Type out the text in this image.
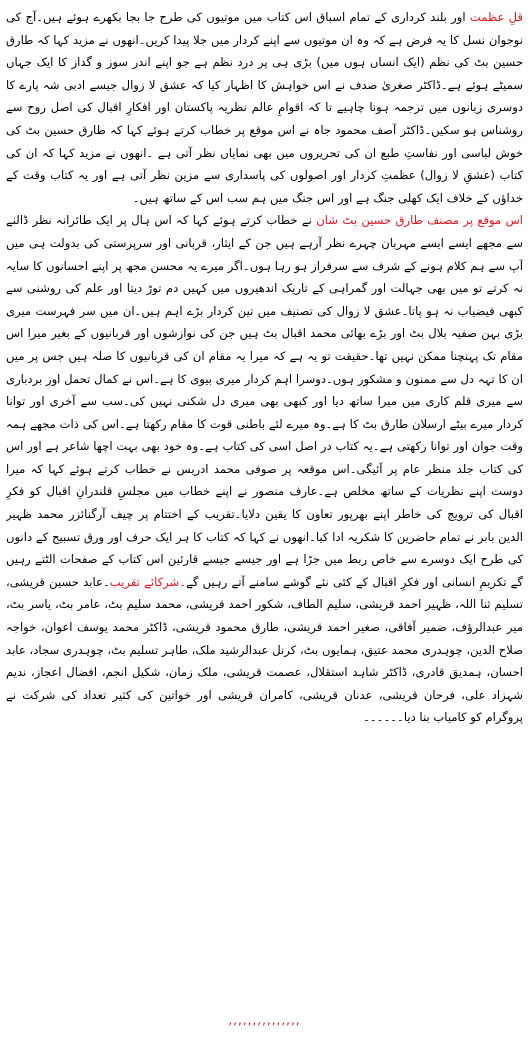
قلِ عظمت اور بلند کرداری کے تمام اسباق اس کتاب میں موتیوں کی طرح جا بجا بکھرے ہوئے ہیں۔آج کی نوجوان نسل کا یہ فرض ہے کہ وہ ان موتیوں سے اپنے کردار میں جلا پیدا کریں۔انھوں نے مزید کہا کہ طارق حسین بٹ کی نظم (ایک انساں ہوں میں) بڑی ہی پر درد نظم ہے جو اپنے اندر سوز و گداز کا ایک جہاں سمیٹے ہوئے ہے۔ڈاکٹر صغریٰ صدف نے اس خواہش کا اظہار کیا کہ عشق لا زوال جیسے ادبی شہ پارے کا دوسری زبانوں میں ترجمہ ہونا چاہیے تا کہ اقوامِ عالم نظریہ پاکستان اور افکارِ اقبال کی اصل روح سے روشناس ہو سکیں۔ڈاکٹر آصف محمود جاہ نے اس موقع پر خطاب کرتے ہوئے کہا کہ طارق حسین بٹ کی خوش لباسی اور نفاستِ طبع ان کی تحریروں میں بھی نمایاں نظر آتی ہے ۔انھوں نے مزید کہا کہ ان کی کتاب (عشقِ لا زوال) عظمتِ کردار اور اصولوں کی پاسداری سے مزین نظر آتی ہے اور یہ کتاب وقت کے خداؤں کے خلاف ایک کھلی جنگ ہے اور اس جنگ میں ہم سب اس کے ساتھ ہیں۔

اس موقع پر مصنف طارق حسین بٹ شان نے خطاب کرتے ہوئے کہا کہ اس ہال پر ایک طائرانہ نظر ڈالنے سے مجھے ایسے ایسے مہربان چہرے نظر آرہے ہیں جن کے ایثار، قربانی اور سرپرستی کی بدولت ہی میں آپ سے ہم کلام ہونے کے شرف سے سرفراز ہو رہا ہوں۔اگر میرے یہ محسن مجھ پر اپنے احسانوں کا سایہ نہ کرتے تو میں بھی جہالت اور گمراہی کے تاریک اندھیروں میں کہیں دم توڑ دیتا اور علم کی روشنی سے کبھی فیضیاب نہ ہو پاتا۔عشق لا زوال کی تصنیف میں تین کردار بڑے اہم ہیں۔ان میں سر فہرست میری بڑی بہن صفیہ بلال بٹ اور بڑے بھائی محمد اقبال بٹ ہیں جن کی نوازشوں اور قربانیوں کے بغیر میرا اس مقام تک پہنچنا ممکن نہیں تھا۔حقیقت تو یہ ہے کہ میرا یہ مقام ان کی قربانیوں کا صلہ ہیں جس پر میں ان کا تہہ دل سے ممنون و مشکور ہوں۔دوسرا اہم کردار میری بیوی کا ہے۔اس نے کمال تحمل اور بردباری سے میری قلم کاری میں میرا ساتھ دیا اور کبھی بھی میری دل شکنی نہیں کی۔سب سے آخری اور توانا کردار میرے بیٹے ارسلان طارق بٹ کا ہے۔وہ میرے لئے باطنی قوت کا مقام رکھتا ہے۔اس کی ذات مجھے ہمہ وقت جوان اور توانا رکھتی ہے۔یہ کتاب در اصل اسی کی کتاب ہے۔وہ خود بھی بہت اچھا شاعر ہے اور اس کی کتاب جلد منظر عام پر آئیگی۔اس موقعہ پر صوفی محمد ادریس نے خطاب کرتے ہوئے کہا کہ میرا دوست اپنے نظریات کے ساتھ مخلص ہے۔عارف منصور نے اپنے خطاب میں مجلسِ قلندرانِ اقبال کو فکرِ اقبال کی ترویج کی خاطر اپنے بھرپور تعاون کا یقین دلایا۔تقریب کے اختتام پر چیف آرگنائزر محمد ظہیر الدین بابر نے تمام حاضرین کا شکریہ ادا کیا۔انھوں نے کہا کہ کتاب کا ہر ایک حرف اور ورق تسبیح کے دانوں کی طرح ایک دوسرے سے خاص ربط میں جڑا ہے اور جیسے جیسے قارئین اس کتاب کے صفحات الٹتے رہیں گے تکریمِ انسانی اور فکرِ اقبال کے کئی نئے گوشے سامنے آتے رہیں گے۔شرکائے تقریب۔عابد حسین قریشی، تسلیم ثنا اللہ، ظہیر احمد قریشی، سلیم الطاف، شکور احمد قریشی، محمد سلیم بٹ، عامر بٹ، یاسر بٹ، میر عبدالرؤف، ضمیر آفاقی، صغیر احمد قریشی، طارق محمود قریشی، ڈاکٹر محمد یوسف اعوان، خواجہ صلاح الدین، چوہدری محمد عتیق، ہمایوں بٹ، کرنل عبدالرشید ملک، طاہر تسلیم بٹ، چوہدری سجاد، عابد احسان، ہمدیق قادری، ڈاکٹر شاہد استقلال، عصمت قریشی، ملک زمان، شکیل انجم، افضال اعجاز، ندیم شہزاد علی، فرحان قریشی، عدنان قریشی، کامران قریشی اور خواتین کی کثیر تعداد کی شرکت نے پروگرام کو کامیاب بنا دیا۔۔۔۔۔۔

,,,,,,,,,,,,,,,
